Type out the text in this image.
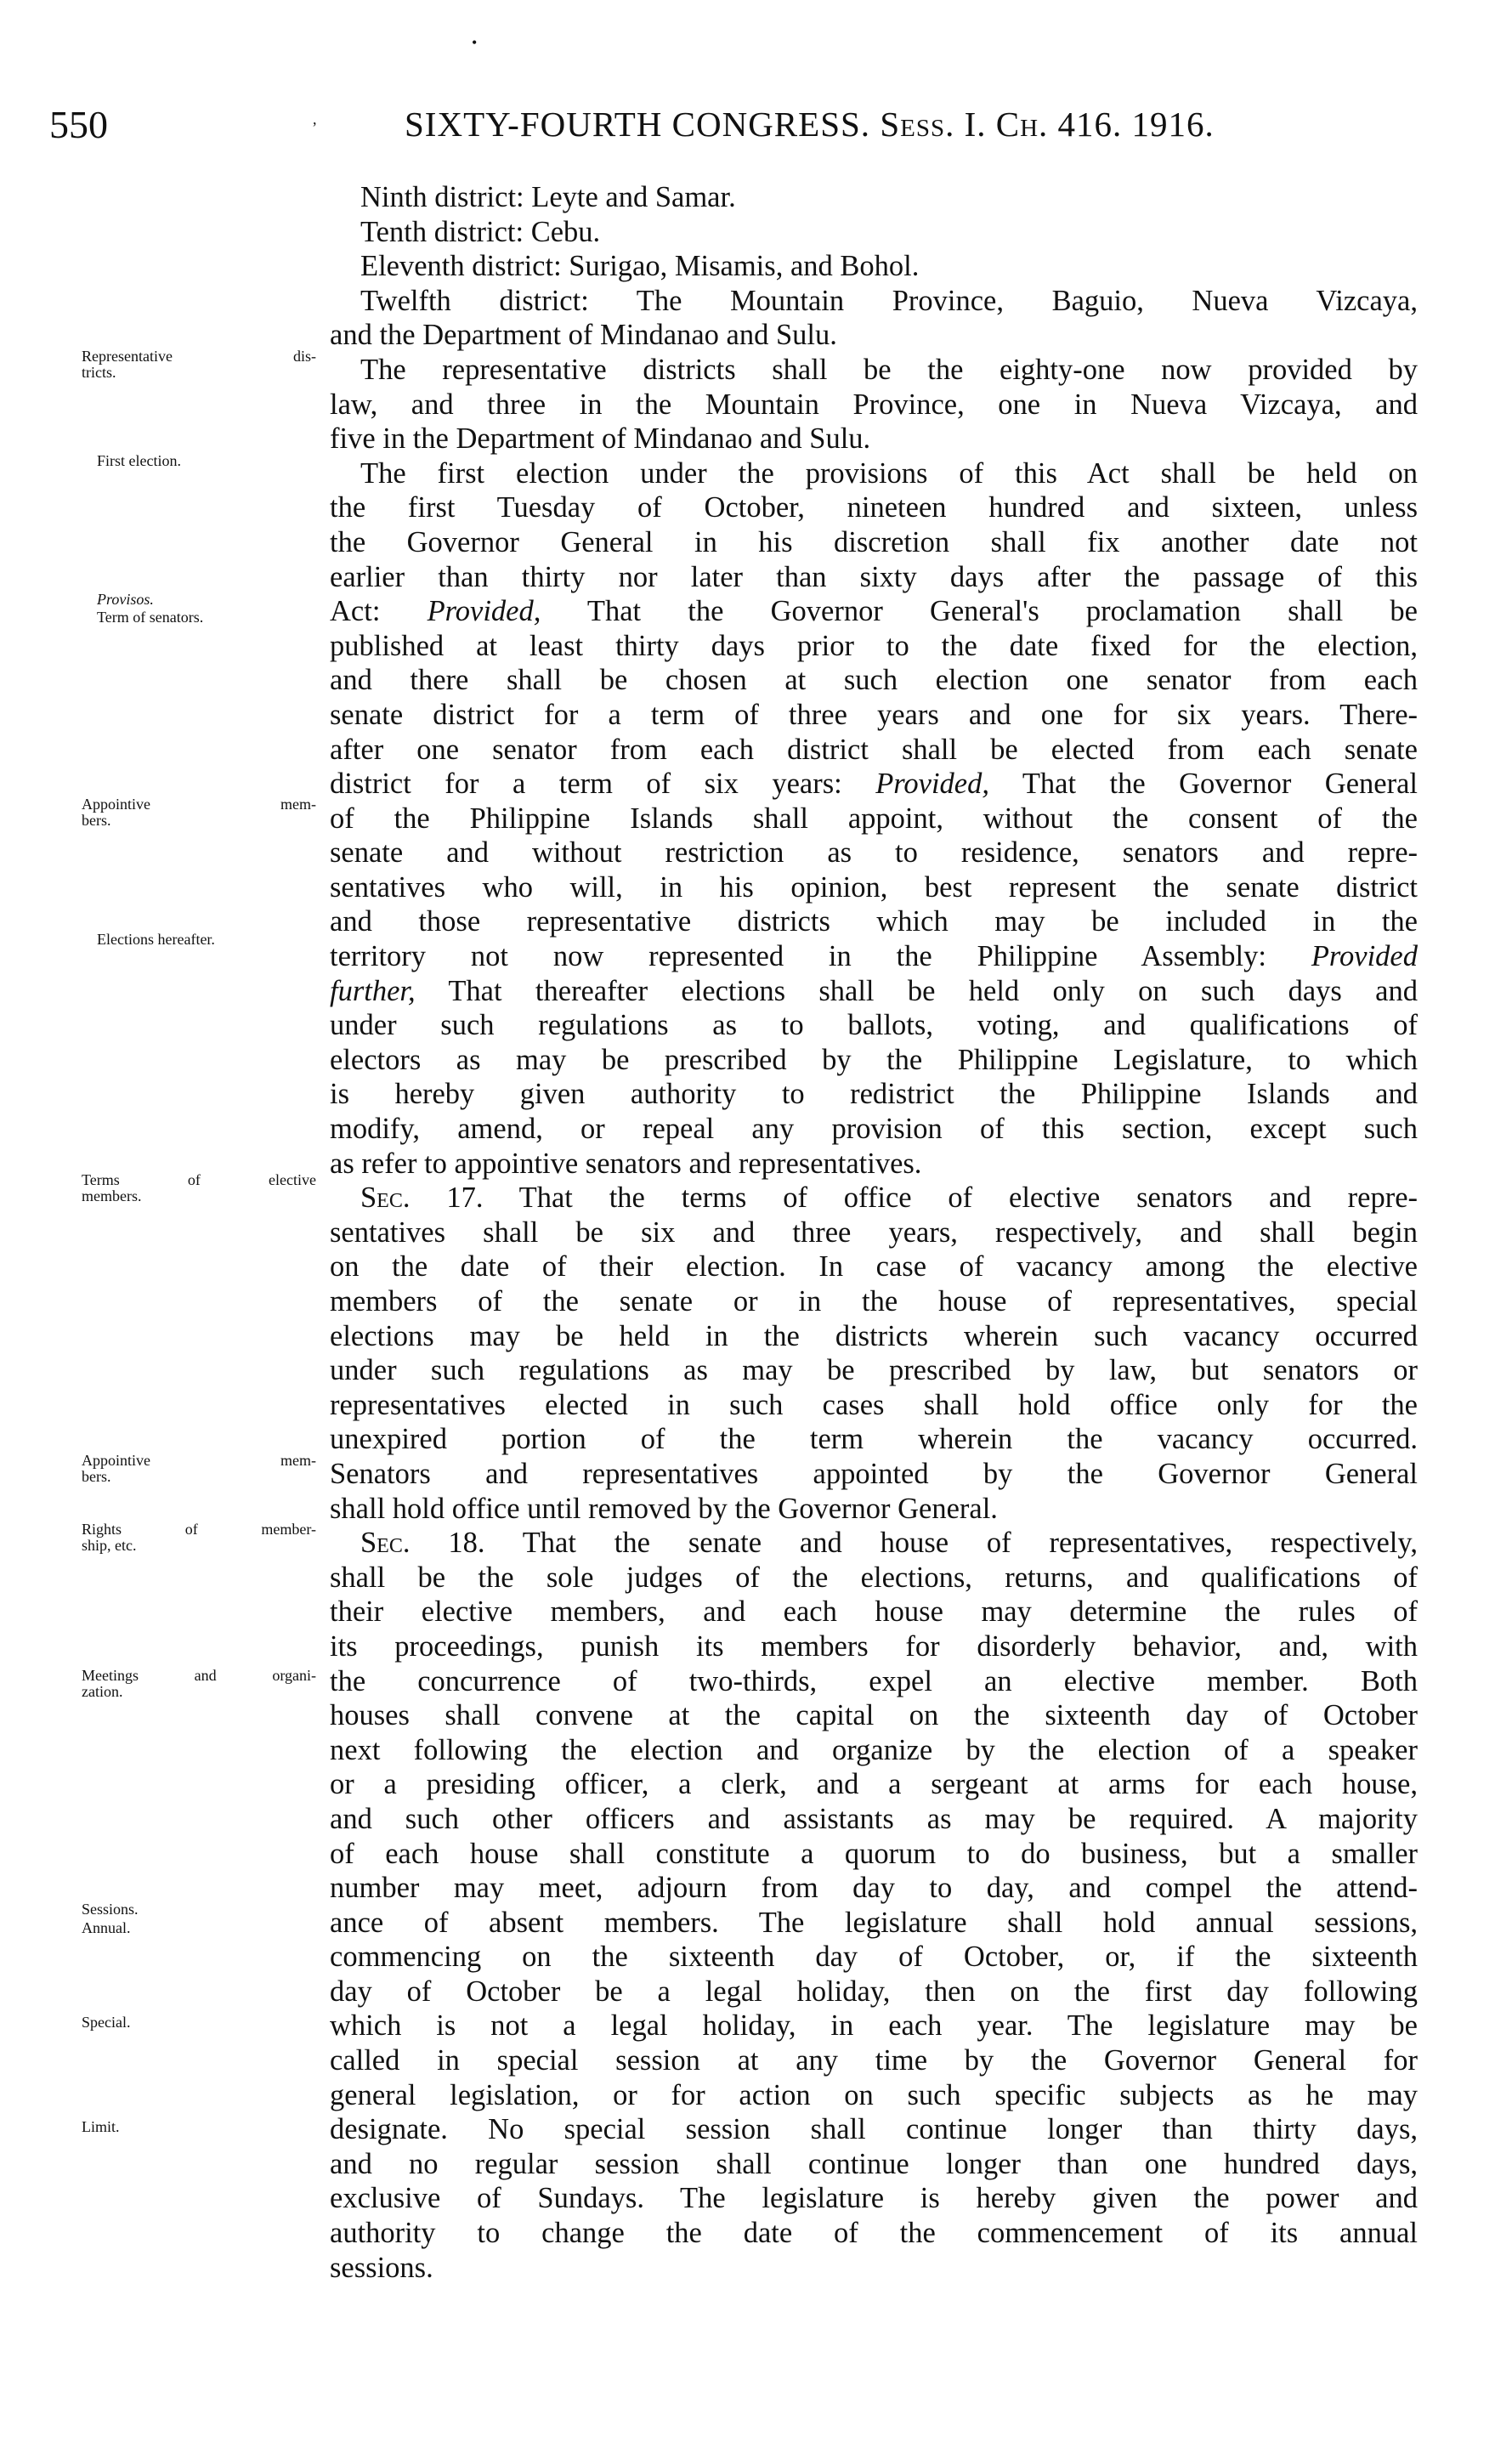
550	SIXTY-FOURTH CONGRESS. Sess. I. Ch. 416. 1916.
•
,
Representative dis-
tricts.
First election.
Provisos.
Term of senators.
Appointive mem-
bers.
Elections hereafter.
Terms of elective
members.
Appointive mem-
bers.
Rights of member-
ship, etc.
Meetings and organi-
zation.
Sessions.
Annual.
Special.
Limit.
Ninth district: Leyte and Samar.
Tenth district: Cebu.
Eleventh district: Surigao, Misamis, and Bohol.
Twelfth district: The Mountain Province, Baguio, Nueva Vizcaya,
and the Department of Mindanao and Sulu.
The representative districts shall be the eighty-one now provided by
law, and three in the Mountain Province, one in Nueva Vizcaya, and
five in the Department of Mindanao and Sulu.
The first election under the provisions of this Act shall be held on
the first Tuesday of October, nineteen hundred and sixteen, unless
the Governor General in his discretion shall fix another date not
earlier than thirty nor later than sixty days after the passage of this
Act: Provided, That the Governor General's proclamation shall be
published at least thirty days prior to the date fixed for the election,
and there shall be chosen at such election one senator from each
senate district for a term of three years and one for six years. There-
after one senator from each district shall be elected from each senate
district for a term of six years: Provided, That the Governor General
of the Philippine Islands shall appoint, without the consent of the
senate and without restriction as to residence, senators and repre-
sentatives who will, in his opinion, best represent the senate district
and those representative districts which may be included in the
territory not now represented in the Philippine Assembly: Provided
further, That thereafter elections shall be held only on such days and
under such regulations as to ballots, voting, and qualifications of
electors as may be prescribed by the Philippine Legislature, to which
is hereby given authority to redistrict the Philippine Islands and
modify, amend, or repeal any provision of this section, except such
as refer to appointive senators and representatives.
Sec. 17. That the terms of office of elective senators and repre-
sentatives shall be six and three years, respectively, and shall begin
on the date of their election. In case of vacancy among the elective
members of the senate or in the house of representatives, special
elections may be held in the districts wherein such vacancy occurred
under such regulations as may be prescribed by law, but senators or
representatives elected in such cases shall hold office only for the
unexpired portion of the term wherein the vacancy occurred.
Senators and representatives appointed by the Governor General
shall hold office until removed by the Governor General.
Sec. 18. That the senate and house of representatives, respectively,
shall be the sole judges of the elections, returns, and qualifications of
their elective members, and each house may determine the rules of
its proceedings, punish its members for disorderly behavior, and, with
the concurrence of two-thirds, expel an elective member. Both
houses shall convene at the capital on the sixteenth day of October
next following the election and organize by the election of a speaker
or a presiding officer, a clerk, and a sergeant at arms for each house,
and such other officers and assistants as may be required. A majority
of each house shall constitute a quorum to do business, but a smaller
number may meet, adjourn from day to day, and compel the attend-
ance of absent members. The legislature shall hold annual sessions,
commencing on the sixteenth day of October, or, if the sixteenth
day of October be a legal holiday, then on the first day following
which is not a legal holiday, in each year. The legislature may be
called in special session at any time by the Governor General for
general legislation, or for action on such specific subjects as he may
designate. No special session shall continue longer than thirty days,
and no regular session shall continue longer than one hundred days,
exclusive of Sundays. The legislature is hereby given the power and
authority to change the date of the commencement of its annual
sessions.
